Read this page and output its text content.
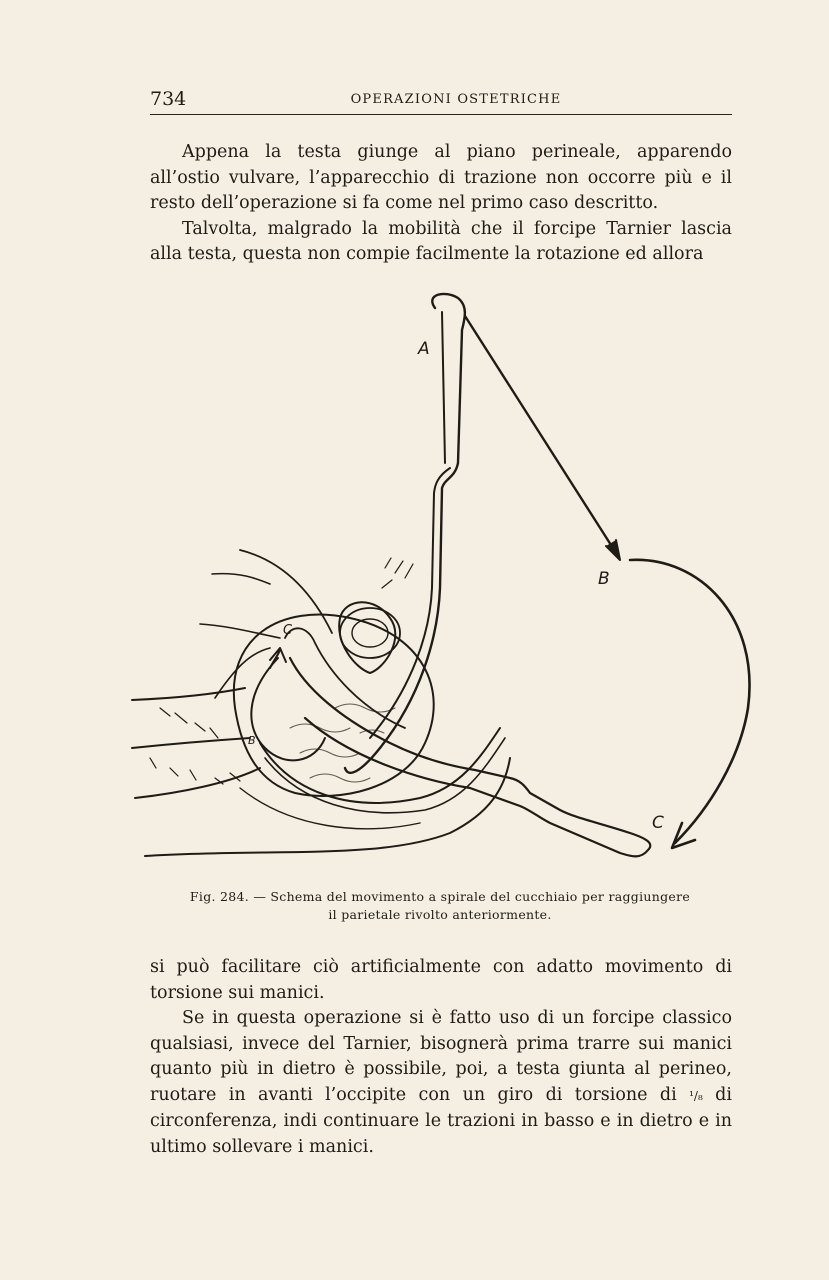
734	OPERAZIONI OSTETRICHE

Appena la testa giunge al piano perineale, apparendo all’ostio vulvare, l’apparecchio di trazione non occorre più e il resto dell’operazione si fa come nel primo caso descritto.

Talvolta, malgrado la mobilità che il forcipe Tarnier lascia alla testa, questa non compie facilmente la rotazione ed allora

A
B
C
C
B
Fig. 284. — Schema del movimento a spirale del cucchiaio per raggiungere
il parietale rivolto anteriormente.

si può facilitare ciò artificialmente con adatto movimento di torsione sui manici.

Se in questa operazione si è fatto uso di un forcipe classico qualsiasi, invece del Tarnier, bisognerà prima trarre sui manici quanto più in dietro è possibile, poi, a testa giunta al perineo, ruotare in avanti l’occipite con un giro di torsione di ¹/₈ di circonferenza, indi continuare le trazioni in basso e in dietro e in ultimo sollevare i manici.
